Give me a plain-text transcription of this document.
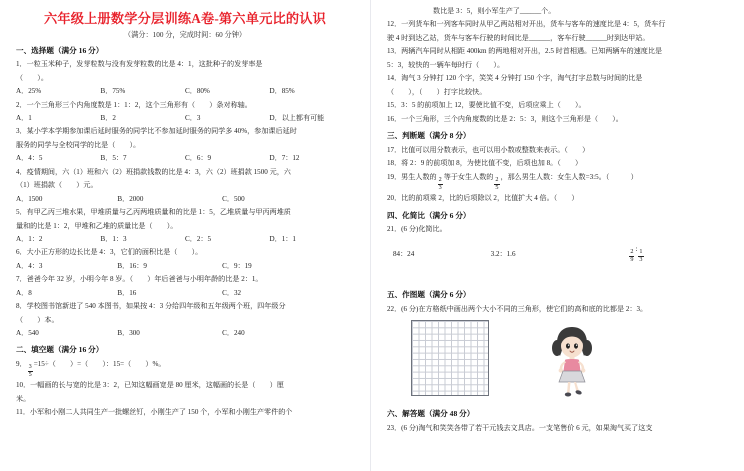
六年级上册数学分层训练A卷-第六单元比的认识
（满分：100 分，完成时间：60 分钟）
一、选择题（满分 16 分）
1．一粒玉米种子，发芽粒数与没有发芽粒数的比是 4：1，这批种子的发芽率是
（　　）。
A．25%	B．75%	C．80%	D．85%
2．一个三角形三个内角度数是 1：1：2，这个三角形有（　　）条对称轴。
A．1	B．2	C．3	D．以上都有可能
3．某小学本学期参加课后延时服务的同学比不参加延时服务的同学多 40%，参加课后延时
服务的同学与全校同学的比是（　　）。
A．4：5	B．5：7	C．6：9	D．7：12
4．疫情期间，六（1）班和六（2）班捐款钱数的比是 4：3，六（2）班捐款 1500 元，六
（1）班捐款（　　）元。
A．1500	B．2000	C．500
5．有甲乙丙三堆水果，甲堆质量与乙丙两堆质量和的比是 1：5，乙堆质量与甲丙两堆质
量和的比是 1：2，甲堆和乙堆的质量比是（　　）。
A．1：2	B．1：3	C．2：5	D．1：1
6．大小正方形的边长比是 4：3，它们的面积比是（　　）。
A．4：3	B．16：9	C．9：19
7．爸爸今年 32 岁，小明今年 8 岁。（　　）年后爸爸与小明年龄的比是 2：1。
A．8	B．16	C．32
8．学校图书馆新进了 540 本图书，如果按 4：3 分给四年级和五年级两个班，四年级分
（　　）本。
A．540	B．300	C．240
二、填空题（满分 16 分）
9．
$\frac{3}{5}$
=15÷（　　）=（　　）：15=（　　）%。
10．一幅画的长与宽的比是 3：2，已知这幅画宽是 80 厘米，这幅画的长是（　　）厘
米。
11．小军和小刚二人共同生产一批螺丝钉，小刚生产了 150 个，小军和小刚生产零件的个
数比是 3：5，则小军生产了______个。
12．一列货车和一列客车同时从甲乙两站相对开出，货车与客车的速度比是 4：5，货车行
驶 4 时到达乙站，货车与客车行驶的时间比是______，客车行驶______时到达甲站。
13．两辆汽车同时从相距 400km 的两地相对开出，2.5 时首相遇。已知两辆车的速度比是
5：3，较快的一辆车每时行（　　）。
14．淘气 3 分钟打 120 个字，笑笑 4 分钟打 150 个字，淘气打字总数与时间的比是
（　　），（　　）打字比较快。
15．3：5 的前项加上 12，要使比值不变，后项应乘上（　　）。
16．一个三角形，三个内角度数的比是 2：5：3，则这个三角形是（　　）。
三、判断题（满分 8 分）
17．比值可以用分数表示，也可以用小数或整数来表示。（　　）
18．将 2：9 的前项加 8，为使比值不变，后项也加 8。（　　）
19．男生人数的
$\frac{2}{3}$
等于女生人数的
$\frac{2}{5}$
，那么男生人数：女生人数=3:5。（　　　）
20．比的前项乘 2，比的后项除以 2，比值扩大 4 倍。（　　）
四、化简比（满分 6 分）
21．(6 分)化简比。
84：24	3.2：1.6	$\frac{2}{9}$
:
$\frac{1}{3}$
五、作图题（满分 6 分）
22．(6 分)在方格纸中画出两个大小不同的三角形，使它们的高和底的比都是 2：3。
六、解答题（满分 48 分）
23．(6 分)淘气和笑笑各带了若干元钱去文具店。一支笔售价 6 元，如果淘气买了这支
